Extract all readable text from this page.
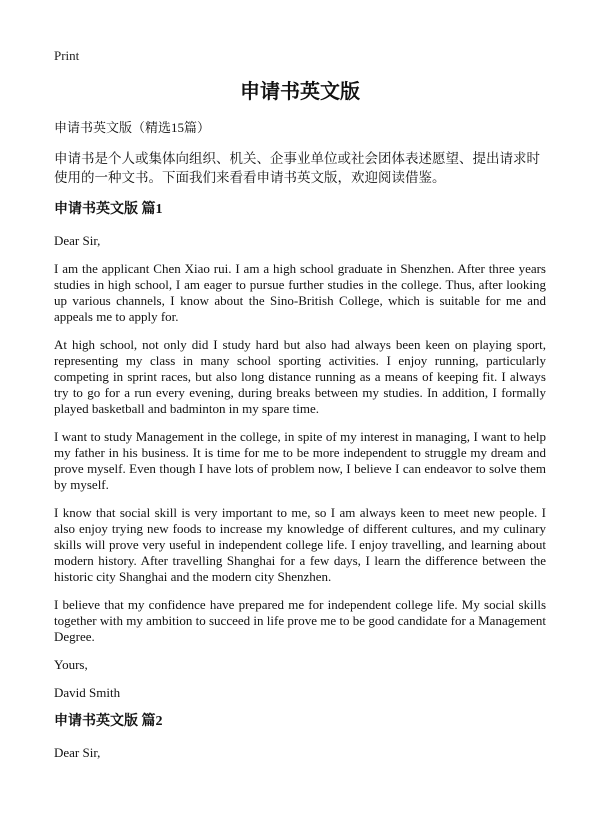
Print
申请书英文版

申请书英文版（精选15篇）

申请书是个人或集体向组织、机关、企事业单位或社会团体表述愿望、提出请求时使用的一种文书。下面我们来看看申请书英文版，欢迎阅读借鉴。

申请书英文版 篇1

Dear Sir,

I am the applicant Chen Xiao rui. I am a high school graduate in Shenzhen. After three years studies in high school, I am eager to pursue further studies in the college. Thus, after looking up various channels, I know about the Sino-British College, which is suitable for me and appeals me to apply for.

At high school, not only did I study hard but also had always been keen on playing sport, representing my class in many school sporting activities. I enjoy running, particularly competing in sprint races, but also long distance running as a means of keeping fit. I always try to go for a run every evening, during breaks between my studies. In addition, I formally played basketball and badminton in my spare time.

I want to study Management in the college, in spite of my interest in managing, I want to help my father in his business. It is time for me to be more independent to struggle my dream and prove myself. Even though I have lots of problem now, I believe I can endeavor to solve them by myself.

I know that social skill is very important to me, so I am always keen to meet new people. I also enjoy trying new foods to increase my knowledge of different cultures, and my culinary skills will prove very useful in independent college life. I enjoy travelling, and learning about modern history. After travelling Shanghai for a few days, I learn the difference between the historic city Shanghai and the modern city Shenzhen.

I believe that my confidence have prepared me for independent college life. My social skills together with my ambition to succeed in life prove me to be good candidate for a Management Degree.

Yours,

David Smith

申请书英文版 篇2

Dear Sir,
